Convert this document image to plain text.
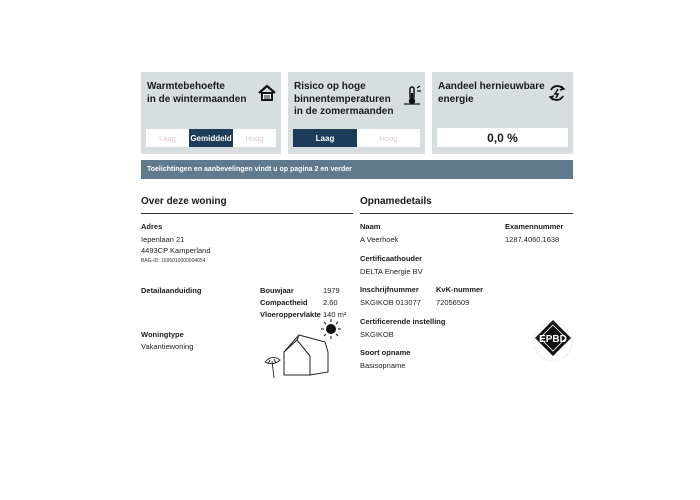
Warmtebehoefte
in de wintermaanden
Laag	Gemiddeld	Hoog
Risico op hoge
binnentemperaturen
in de zomermaanden
Laag	Hoog
Aandeel hernieuwbare
energie
0,0 %
Toelichtingen en aanbevelingen vindt u op pagina 2 en verder
Over deze woning
Adres
Iepenlaan 21
4493CP Kamperland
BAG-ID: 1695010000004054
Detailaanduiding	Bouwjaar	1979
Compactheid 2.60
Vloeroppervlakte 140 m²
Woningtype
Vakantiewoning
Opnamedetails
Naam
A Veerhoek
Examennummer
1287.4060.1638
Certificaathouder
DELTA Energie BV
Inschrijfnummer
SKGIKOB 013077
KvK-nummer
72056509
Certificerende instelling
SKGIKOB
Soort opname
Basisopname
EPBD
